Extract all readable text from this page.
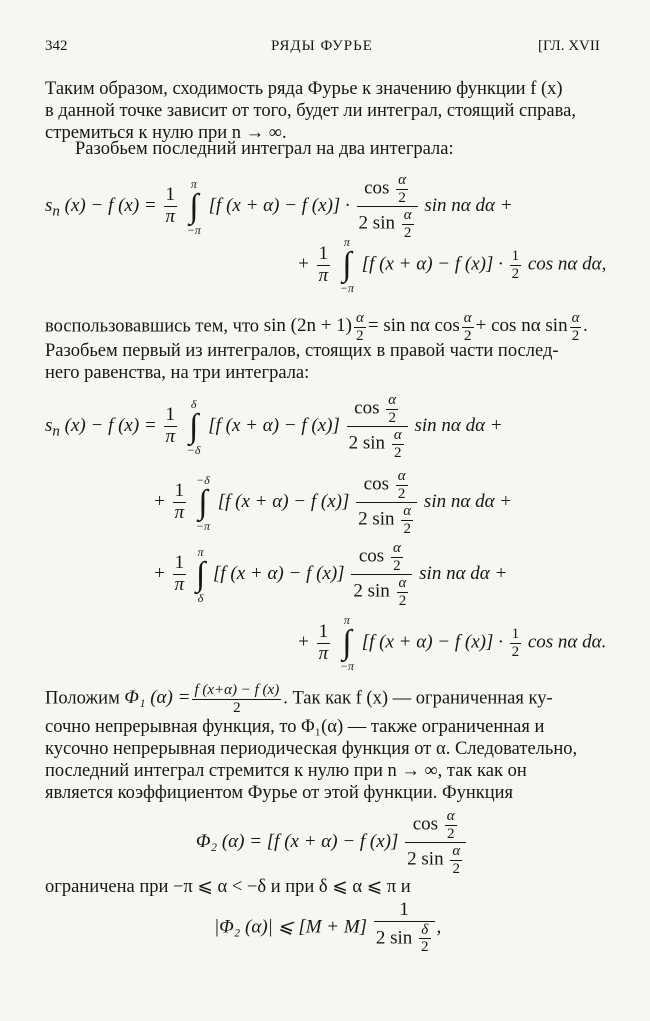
342	РЯДЫ ФУРЬЕ	[ГЛ. XVII
Таким образом, сходимость ряда Фурье к значению функции f (x)
в данной точке зависит от того, будет ли интеграл, стоящий справа,
стремиться к нулю при n → ∞.
Разобьем последний интеграл на два интеграла:
$s_n$ (x) − f $(x) = \frac{1}{\pi}$

π
∫
−π
[f (x + α) − f $(x)] \cdot \frac{\cos \frac{\alpha}{2}}{2 \sin \frac{\alpha}{2}}$ sin nα dα +
+ $\frac{1}{\pi}$

π
∫
−π
[f (x + α) − f $(x)] \cdot \frac{1}{2}$ cos nα dα,
воспользовавшись тем, что $\sin (2n + 1) \frac{\alpha}{2} = \sin n\alpha$ $\cos \frac{\alpha}{2} + \cos n\alpha$ $\sin \frac{\alpha}{2}$ .
Разобьем первый из интегралов, стоящих в правой части послед-
него равенства, на три интеграла:
$s_n$ (x) − f $(x) = \frac{1}{\pi}$

δ
∫
−δ
[f (x + α) − f $(x)] \frac{\cos \frac{\alpha}{2}}{2 \sin \frac{\alpha}{2}}$ sin nα dα +
+ $\frac{1}{\pi}$

−δ
∫
−π
[f (x + α) − f $(x)] \frac{\cos \frac{\alpha}{2}}{2 \sin \frac{\alpha}{2}}$ sin nα dα +
+ $\frac{1}{\pi}$

π
∫
δ
[f (x + α) − f $(x)] \frac{\cos \frac{\alpha}{2}}{2 \sin \frac{\alpha}{2}}$ sin nα dα +
+ $\frac{1}{\pi}$

π
∫
−π
[f (x + α) − f $(x)] \cdot \frac{1}{2}$ cos nα dα.
Положим Φ₁ $(\alpha) = \frac{f (x+\alpha) - f (x)}{2}$ . Так как f (x) — ограниченная ку-
сочно непрерывная функция, то Φ₁(α) — также ограниченная и
кусочно непрерывная периодическая функция от α. Следовательно,
последний интеграл стремится к нулю при n → ∞, так как он
является коэффициентом Фурье от этой функции. Функция
Φ₂ (α) = [f (x + α) − f $(x)] \frac{\cos \frac{\alpha}{2}}{2 \sin \frac{\alpha}{2}}$
ограничена при −π ⩽ α < −δ и при δ ⩽ α ⩽ π и
|Φ₂ (α)| ⩽ $[M + M] \frac{1}{2 \sin \frac{\delta}{2}}$ ,
